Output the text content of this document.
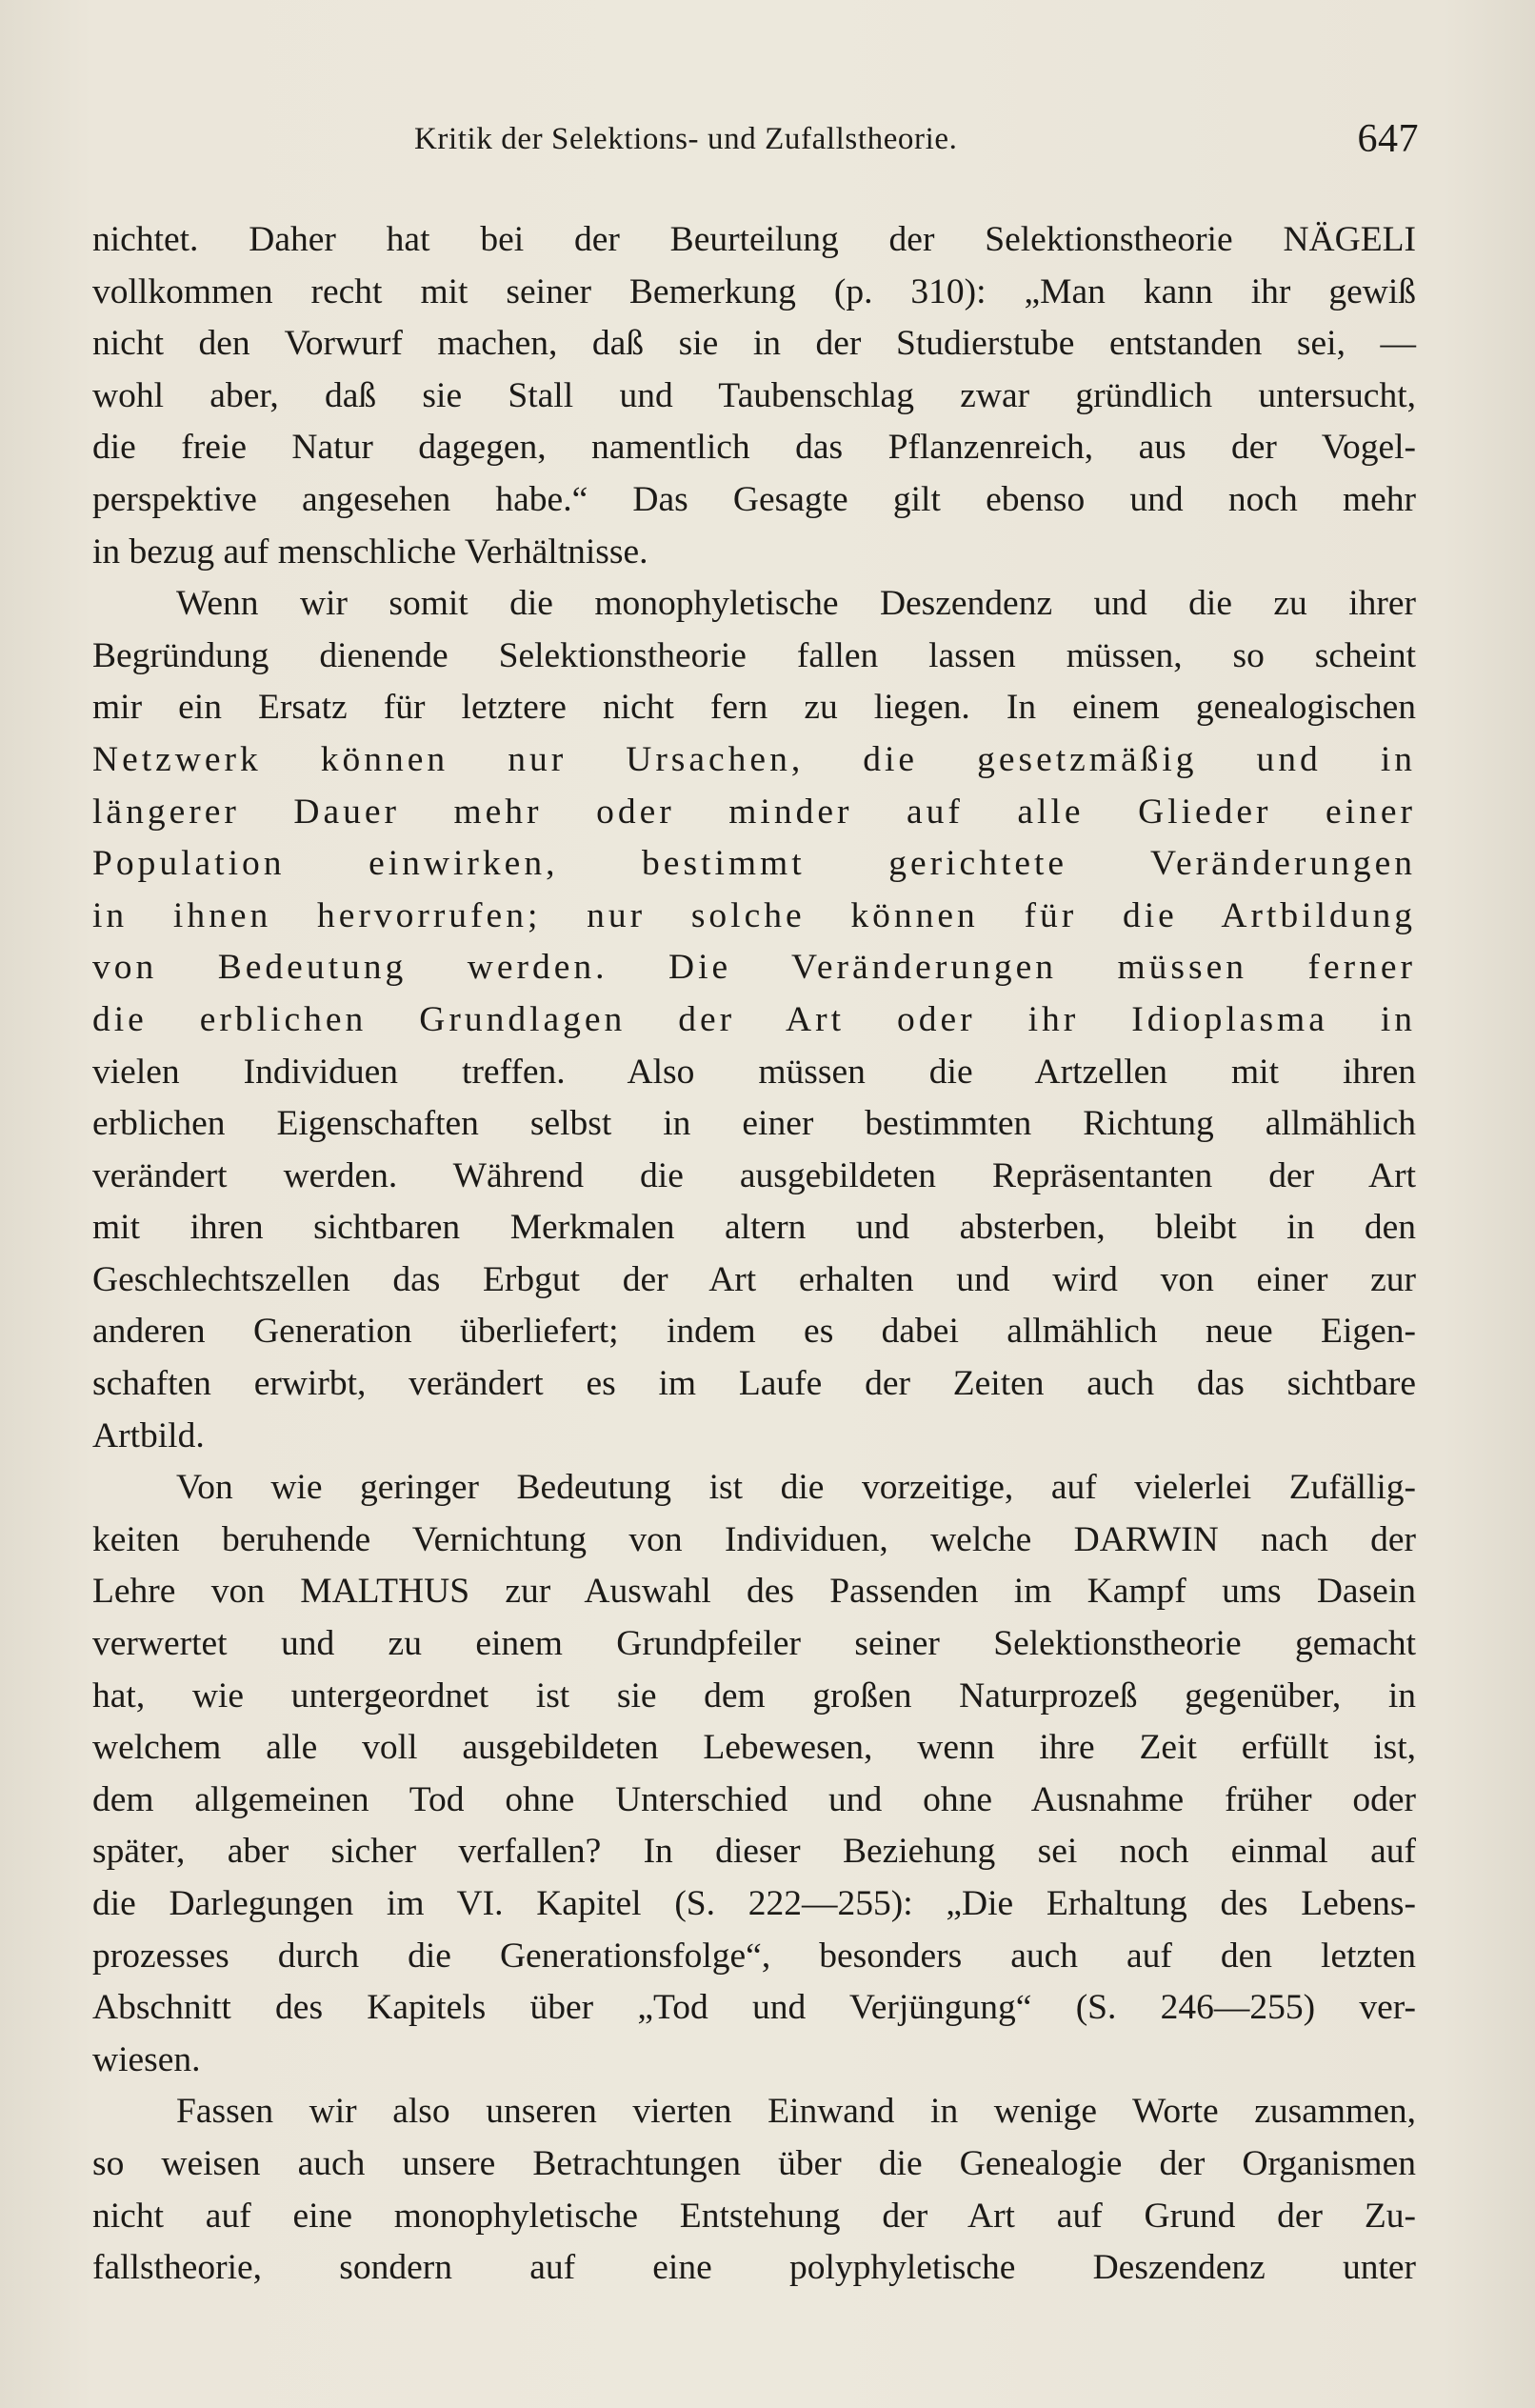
Kritik der Selektions- und Zufallstheorie.	647
nichtet. Daher hat bei der Beurteilung der Selektionstheorie NÄGELI
vollkommen recht mit seiner Bemerkung (p. 310): „Man kann ihr gewiß
nicht den Vorwurf machen, daß sie in der Studierstube entstanden sei, —
wohl aber, daß sie Stall und Taubenschlag zwar gründlich untersucht,
die freie Natur dagegen, namentlich das Pflanzenreich, aus der Vogel-
perspektive angesehen habe.“ Das Gesagte gilt ebenso und noch mehr
in bezug auf menschliche Verhältnisse.
Wenn wir somit die monophyletische Deszendenz und die zu ihrer
Begründung dienende Selektionstheorie fallen lassen müssen, so scheint
mir ein Ersatz für letztere nicht fern zu liegen. In einem genealogischen
Netzwerk können nur Ursachen, die gesetzmäßig und in
längerer Dauer mehr oder minder auf alle Glieder einer
Population einwirken, bestimmt gerichtete Veränderungen
in ihnen hervorrufen; nur solche können für die Artbildung
von Bedeutung werden. Die Veränderungen müssen ferner
die erblichen Grundlagen der Art oder ihr Idioplasma in
vielen Individuen treffen. Also müssen die Artzellen mit ihren
erblichen Eigenschaften selbst in einer bestimmten Richtung allmählich
verändert werden. Während die ausgebildeten Repräsentanten der Art
mit ihren sichtbaren Merkmalen altern und absterben, bleibt in den
Geschlechtszellen das Erbgut der Art erhalten und wird von einer zur
anderen Generation überliefert; indem es dabei allmählich neue Eigen-
schaften erwirbt, verändert es im Laufe der Zeiten auch das sichtbare
Artbild.
Von wie geringer Bedeutung ist die vorzeitige, auf vielerlei Zufällig-
keiten beruhende Vernichtung von Individuen, welche DARWIN nach der
Lehre von MALTHUS zur Auswahl des Passenden im Kampf ums Dasein
verwertet und zu einem Grundpfeiler seiner Selektionstheorie gemacht
hat, wie untergeordnet ist sie dem großen Naturprozeß gegenüber, in
welchem alle voll ausgebildeten Lebewesen, wenn ihre Zeit erfüllt ist,
dem allgemeinen Tod ohne Unterschied und ohne Ausnahme früher oder
später, aber sicher verfallen? In dieser Beziehung sei noch einmal auf
die Darlegungen im VI. Kapitel (S. 222—255): „Die Erhaltung des Lebens-
prozesses durch die Generationsfolge“, besonders auch auf den letzten
Abschnitt des Kapitels über „Tod und Verjüngung“ (S. 246—255) ver-
wiesen.
Fassen wir also unseren vierten Einwand in wenige Worte zusammen,
so weisen auch unsere Betrachtungen über die Genealogie der Organismen
nicht auf eine monophyletische Entstehung der Art auf Grund der Zu-
fallstheorie, sondern auf eine polyphyletische Deszendenz unter
